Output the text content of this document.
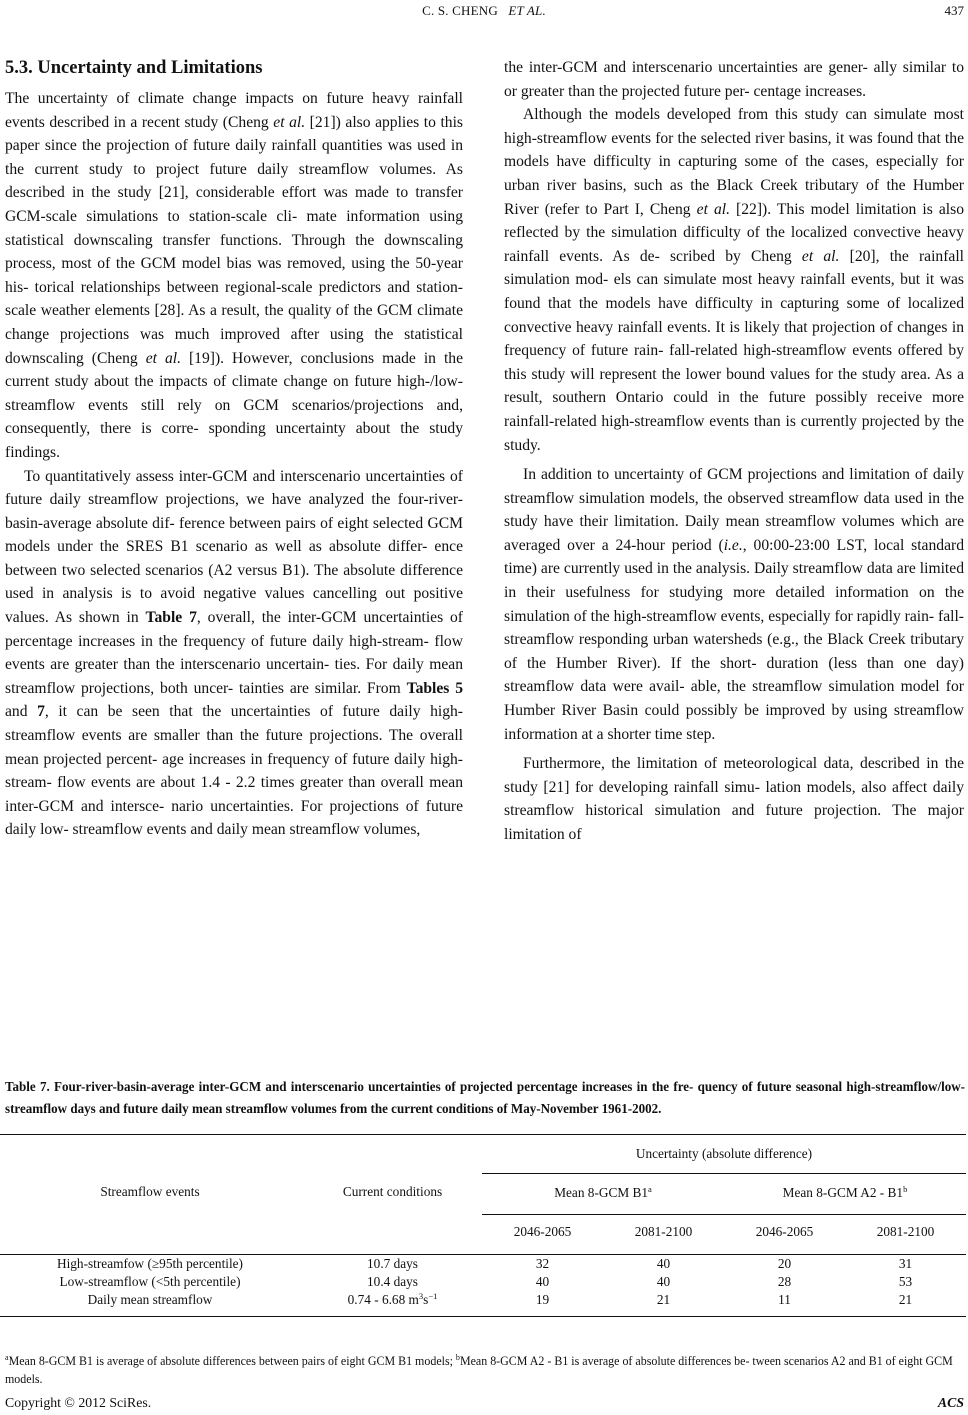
C. S. CHENG ET AL.	437
5.3. Uncertainty and Limitations

The uncertainty of climate change impacts on future heavy rainfall events described in a recent study (Cheng et al. [21]) also applies to this paper since the projection of future daily rainfall quantities was used in the current study to project future daily streamflow volumes. As described in the study [21], considerable effort was made to transfer GCM-scale simulations to station-scale cli- mate information using statistical downscaling transfer functions. Through the downscaling process, most of the GCM model bias was removed, using the 50-year his- torical relationships between regional-scale predictors and station-scale weather elements [28]. As a result, the quality of the GCM climate change projections was much improved after using the statistical downscaling (Cheng et al. [19]). However, conclusions made in the current study about the impacts of climate change on future high-/low-streamflow events still rely on GCM scenarios/projections and, consequently, there is corre- sponding uncertainty about the study findings.

To quantitatively assess inter-GCM and interscenario uncertainties of future daily streamflow projections, we have analyzed the four-river-basin-average absolute dif- ference between pairs of eight selected GCM models under the SRES B1 scenario as well as absolute differ- ence between two selected scenarios (A2 versus B1). The absolute difference used in analysis is to avoid negative values cancelling out positive values. As shown in Table 7, overall, the inter-GCM uncertainties of percentage increases in the frequency of future daily high-stream- flow events are greater than the interscenario uncertain- ties. For daily mean streamflow projections, both uncer- tainties are similar. From Tables 5 and 7, it can be seen that the uncertainties of future daily high-streamflow events are smaller than the future projections. The overall mean projected percent- age increases in frequency of future daily high-stream- flow events are about 1.4 - 2.2 times greater than overall mean inter-GCM and intersce- nario uncertainties. For projections of future daily low- streamflow events and daily mean streamflow volumes,

the inter-GCM and interscenario uncertainties are gener- ally similar to or greater than the projected future per- centage increases.

Although the models developed from this study can simulate most high-streamflow events for the selected river basins, it was found that the models have difficulty in capturing some of the cases, especially for urban river basins, such as the Black Creek tributary of the Humber River (refer to Part I, Cheng et al. [22]). This model limitation is also reflected by the simulation difficulty of the localized convective heavy rainfall events. As de- scribed by Cheng et al. [20], the rainfall simulation mod- els can simulate most heavy rainfall events, but it was found that the models have difficulty in capturing some of localized convective heavy rainfall events. It is likely that projection of changes in frequency of future rain- fall-related high-streamflow events offered by this study will represent the lower bound values for the study area. As a result, southern Ontario could in the future possibly receive more rainfall-related high-streamflow events than is currently projected by the study.

In addition to uncertainty of GCM projections and limitation of daily streamflow simulation models, the observed streamflow data used in the study have their limitation. Daily mean streamflow volumes which are averaged over a 24-hour period (i.e., 00:00-23:00 LST, local standard time) are currently used in the analysis. Daily streamflow data are limited in their usefulness for studying more detailed information on the simulation of the high-streamflow events, especially for rapidly rain- fall-streamflow responding urban watersheds (e.g., the Black Creek tributary of the Humber River). If the short- duration (less than one day) streamflow data were avail- able, the streamflow simulation model for Humber River Basin could possibly be improved by using streamflow information at a shorter time step.

Furthermore, the limitation of meteorological data, described in the study [21] for developing rainfall simu- lation models, also affect daily streamflow historical simulation and future projection. The major limitation of

Table 7. Four-river-basin-average inter-GCM and interscenario uncertainties of projected percentage increases in the fre- quency of future seasonal high-streamflow/low-streamflow days and future daily mean streamflow volumes from the current conditions of May-November 1961-2002.
Uncertainty (absolute difference)
Streamflow events	Current conditions	Mean 8-GCM B1$^a$	Mean 8-GCM A2 - B1$^b$
2046-2065	2081-2100	2046-2065	2081-2100
High-streamfow (≥95th percentile)	10.7 days	32	40	20	31
Low-streamflow (<5th percentile)	10.4 days	40	40	28	53
Daily mean streamflow	0.74 - 6.68 $m^3s^{-1}$	19	21	11	21
$^a$Mean 8-GCM B1 is average of absolute differences between pairs of eight GCM B1 models; $^b$Mean 8-GCM A2 - B1 is average of absolute differences be- tween scenarios A2 and B1 of eight GCM models.
Copyright © 2012 SciRes.	ACS
